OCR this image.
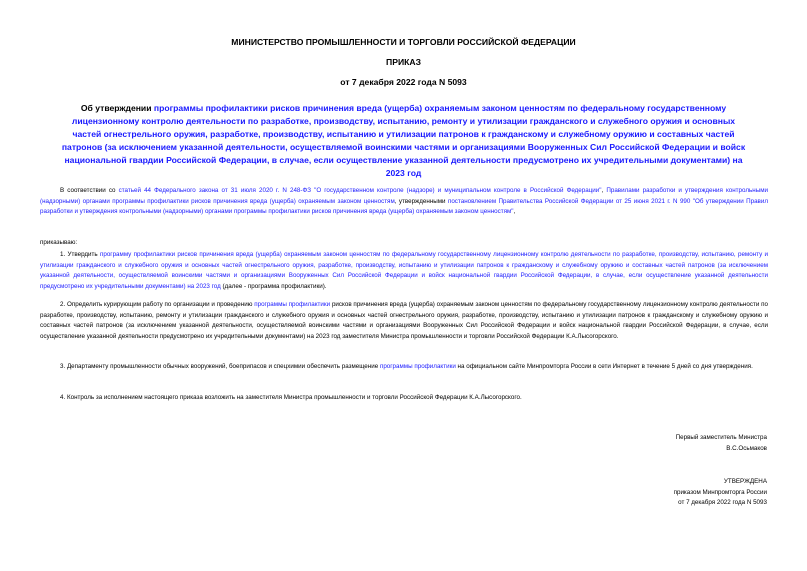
МИНИСТЕРСТВО ПРОМЫШЛЕННОСТИ И ТОРГОВЛИ РОССИЙСКОЙ ФЕДЕРАЦИИ
ПРИКАЗ
от 7 декабря 2022 года N 5093
Об утверждении программы профилактики рисков причинения вреда (ущерба) охраняемым законом ценностям по федеральному государственному лицензионному контролю деятельности по разработке, производству, испытанию, ремонту и утилизации гражданского и служебного оружия и основных частей огнестрельного оружия, разработке, производству, испытанию и утилизации патронов к гражданскому и служебному оружию и составных частей патронов (за исключением указанной деятельности, осуществляемой воинскими частями и организациями Вооруженных Сил Российской Федерации и войск национальной гвардии Российской Федерации, в случае, если осуществление указанной деятельности предусмотрено их учредительными документами) на 2023 год
В соответствии со статьей 44 Федерального закона от 31 июля 2020 г. N 248-ФЗ "О государственном контроле (надзоре) и муниципальном контроле в Российской Федерации", Правилами разработки и утверждения контрольными (надзорными) органами программы профилактики рисков причинения вреда (ущерба) охраняемым законом ценностям, утвержденными постановлением Правительства Российской Федерации от 25 июня 2021 г. N 990 "Об утверждении Правил разработки и утверждения контрольными (надзорными) органами программы профилактики рисков причинения вреда (ущерба) охраняемым законом ценностям",
приказываю:
1. Утвердить программу профилактики рисков причинения вреда (ущерба) охраняемым законом ценностям по федеральному государственному лицензионному контролю деятельности по разработке, производству, испытанию, ремонту и утилизации гражданского и служебного оружия и основных частей огнестрельного оружия, разработке, производству, испытанию и утилизации патронов к гражданскому и служебному оружию и составных частей патронов (за исключением указанной деятельности, осуществляемой воинскими частями и организациями Вооруженных Сил Российской Федерации и войск национальной гвардии Российской Федерации, в случае, если осуществление указанной деятельности предусмотрено их учредительными документами) на 2023 год (далее - программа профилактики).
2. Определить курирующим работу по организации и проведению программы профилактики рисков причинения вреда (ущерба) охраняемым законом ценностям по федеральному государственному лицензионному контролю деятельности по разработке, производству, испытанию, ремонту и утилизации гражданского и служебного оружия и основных частей огнестрельного оружия, разработке, производству, испытанию и утилизации патронов к гражданскому и служебному оружию и составных частей патронов (за исключением указанной деятельности, осуществляемой воинскими частями и организациями Вооруженных Сил Российской Федерации и войск национальной гвардии Российской Федерации, в случае, если осуществление указанной деятельности предусмотрено их учредительными документами) на 2023 год заместителя Министра промышленности и торговли Российской Федерации К.А.Лысогорского.
3. Департаменту промышленности обычных вооружений, боеприпасов и спецхимии обеспечить размещение программы профилактики на официальном сайте Минпромторга России в сети Интернет в течение 5 дней со дня утверждения.
4. Контроль за исполнением настоящего приказа возложить на заместителя Министра промышленности и торговли Российской Федерации К.А.Лысогорского.
Первый заместитель Министра
В.С.Осьмаков
УТВЕРЖДЕНА
приказом Минпромторга России
от 7 декабря 2022 года N 5093
